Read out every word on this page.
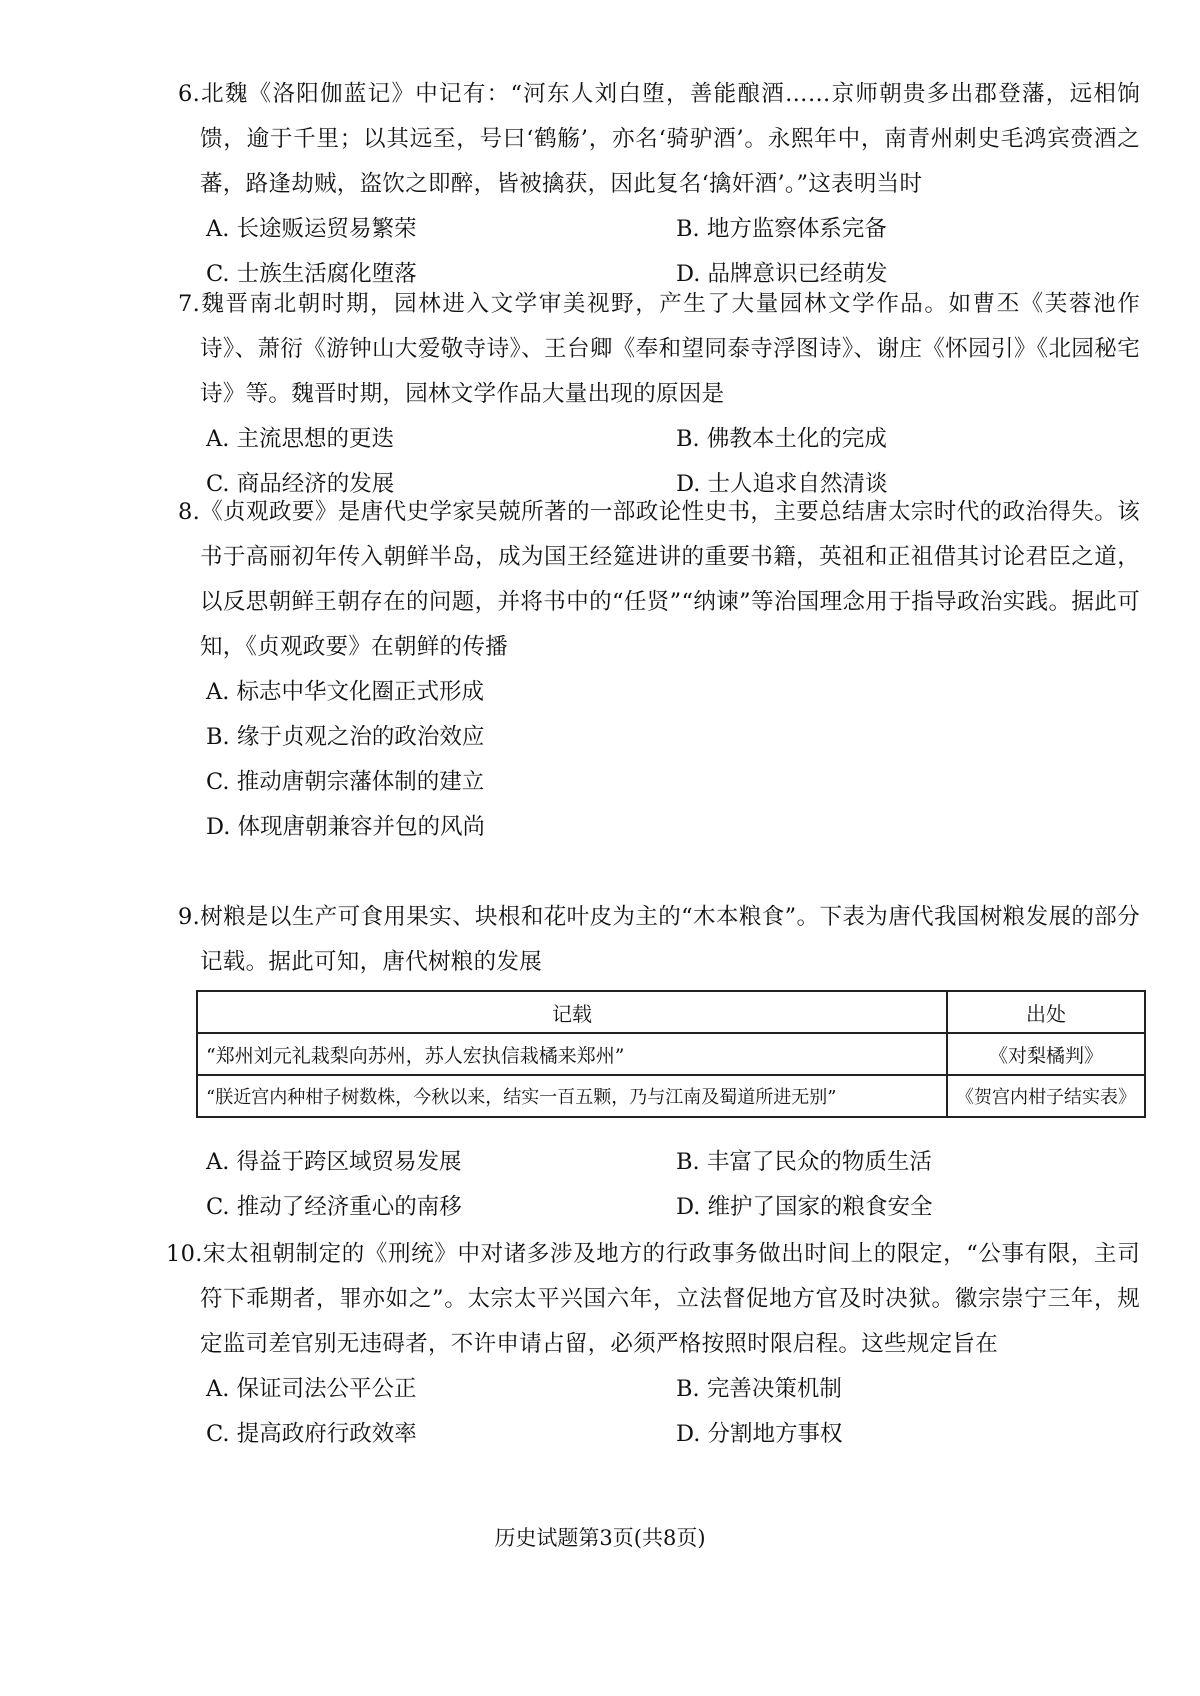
6.北魏《洛阳伽蓝记》中记有：“河东人刘白堕，善能酿酒……京师朝贵多出郡登藩，远相饷馈，逾于千里；以其远至，号曰‘鹤觞’，亦名‘骑驴酒’。永熙年中，南青州刺史毛鸿宾赍酒之蕃，路逢劫贼，盗饮之即醉，皆被擒获，因此复名‘擒奸酒’。”这表明当时

A. 长途贩运贸易繁荣	B. 地方监察体系完备
C. 士族生活腐化堕落	D. 品牌意识已经萌发

7.魏晋南北朝时期，园林进入文学审美视野，产生了大量园林文学作品。如曹丕《芙蓉池作诗》、萧衍《游钟山大爱敬寺诗》、王台卿《奉和望同泰寺浮图诗》、谢庄《怀园引》《北园秘宅诗》等。魏晋时期，园林文学作品大量出现的原因是

A. 主流思想的更迭	B. 佛教本土化的完成
C. 商品经济的发展	D. 士人追求自然清谈

8.《贞观政要》是唐代史学家吴兢所著的一部政论性史书，主要总结唐太宗时代的政治得失。该书于高丽初年传入朝鲜半岛，成为国王经筵进讲的重要书籍，英祖和正祖借其讨论君臣之道，以反思朝鲜王朝存在的问题，并将书中的“任贤”“纳谏”等治国理念用于指导政治实践。据此可知，《贞观政要》在朝鲜的传播

A. 标志中华文化圈正式形成
B. 缘于贞观之治的政治效应
C. 推动唐朝宗藩体制的建立
D. 体现唐朝兼容并包的风尚

9.树粮是以生产可食用果实、块根和花叶皮为主的“木本粮食”。下表为唐代我国树粮发展的部分记载。据此可知，唐代树粮的发展

记载	出处
“郑州刘元礼栽梨向苏州，苏人宏执信栽橘来郑州”	《对梨橘判》
“朕近宫内种柑子树数株，今秋以来，结实一百五颗，乃与江南及蜀道所进无别”	《贺宫内柑子结实表》
A. 得益于跨区域贸易发展	B. 丰富了民众的物质生活
C. 推动了经济重心的南移	D. 维护了国家的粮食安全

10.宋太祖朝制定的《刑统》中对诸多涉及地方的行政事务做出时间上的限定，“公事有限，主司符下乖期者，罪亦如之”。太宗太平兴国六年，立法督促地方官及时决狱。徽宗崇宁三年，规定监司差官别无违碍者，不许申请占留，必须严格按照时限启程。这些规定旨在

A. 保证司法公平公正	B. 完善决策机制
C. 提高政府行政效率	D. 分割地方事权
历史试题第3页(共8页)
